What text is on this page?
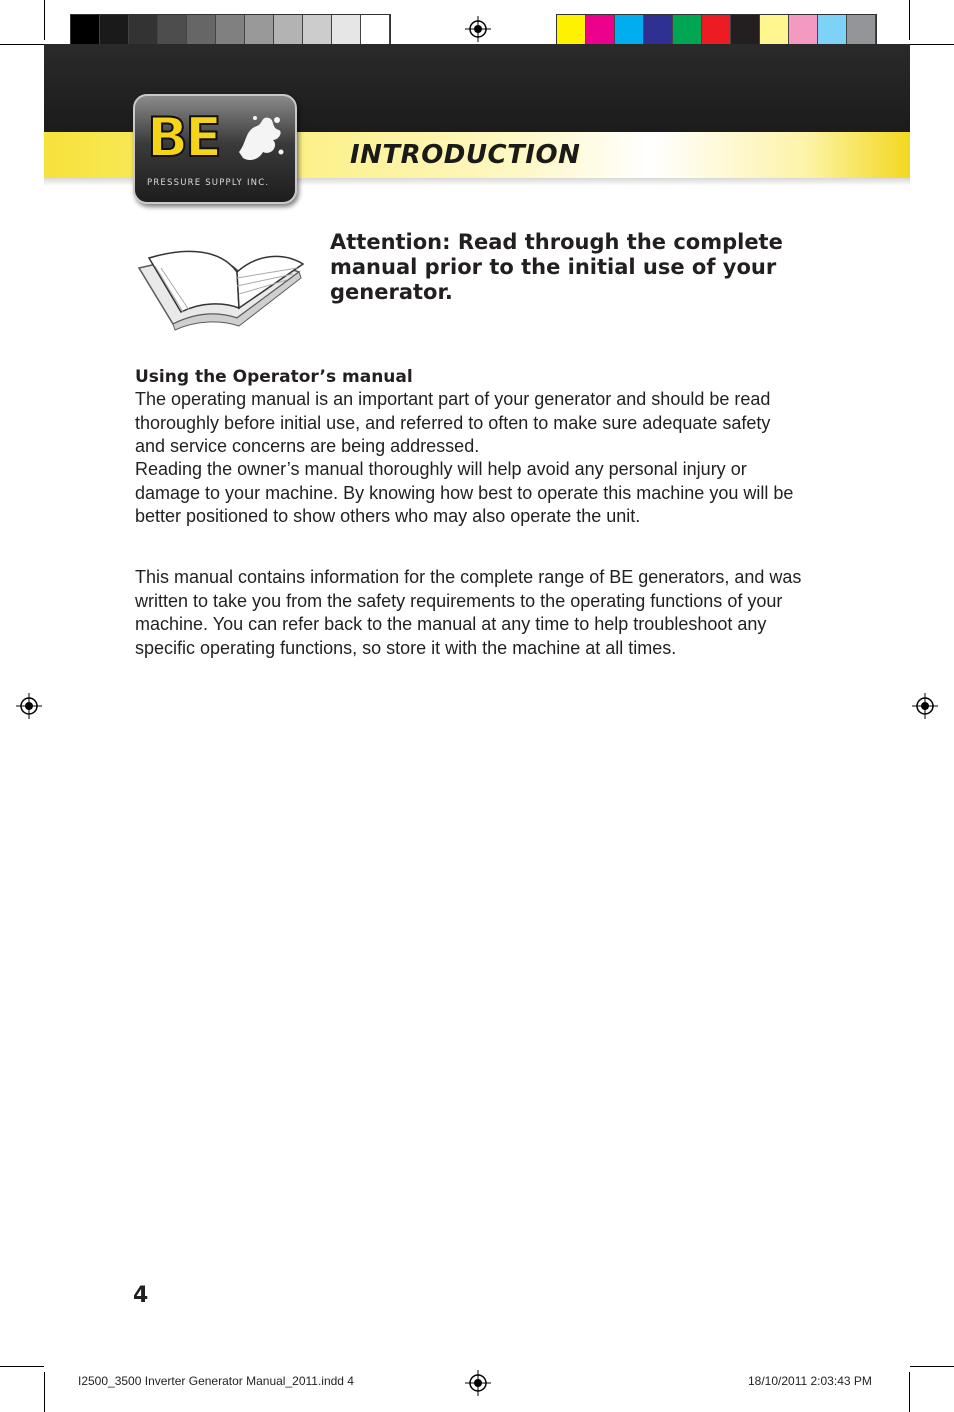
INTRODUCTION
BE
PRESSURE SUPPLY INC.

Attention: Read through the complete manual prior to the initial use of your generator.

Using the Operator’s manual

The operating manual is an important part of your generator and should be read thoroughly before initial use, and referred to often to make sure adequate safety and service concerns are being addressed.

Reading the owner’s manual thoroughly will help avoid any personal injury or damage to your machine. By knowing how best to operate this machine you will be better positioned to show others who may also operate the unit.

This manual contains information for the complete range of BE generators, and was written to take you from the safety requirements to the operating functions of your machine. You can refer back to the manual at any time to help troubleshoot any specific operating functions, so store it with the machine at all times.

4
I2500_3500 Inverter Generator Manual_2011.indd 4	18/10/2011 2:03:43 PM
